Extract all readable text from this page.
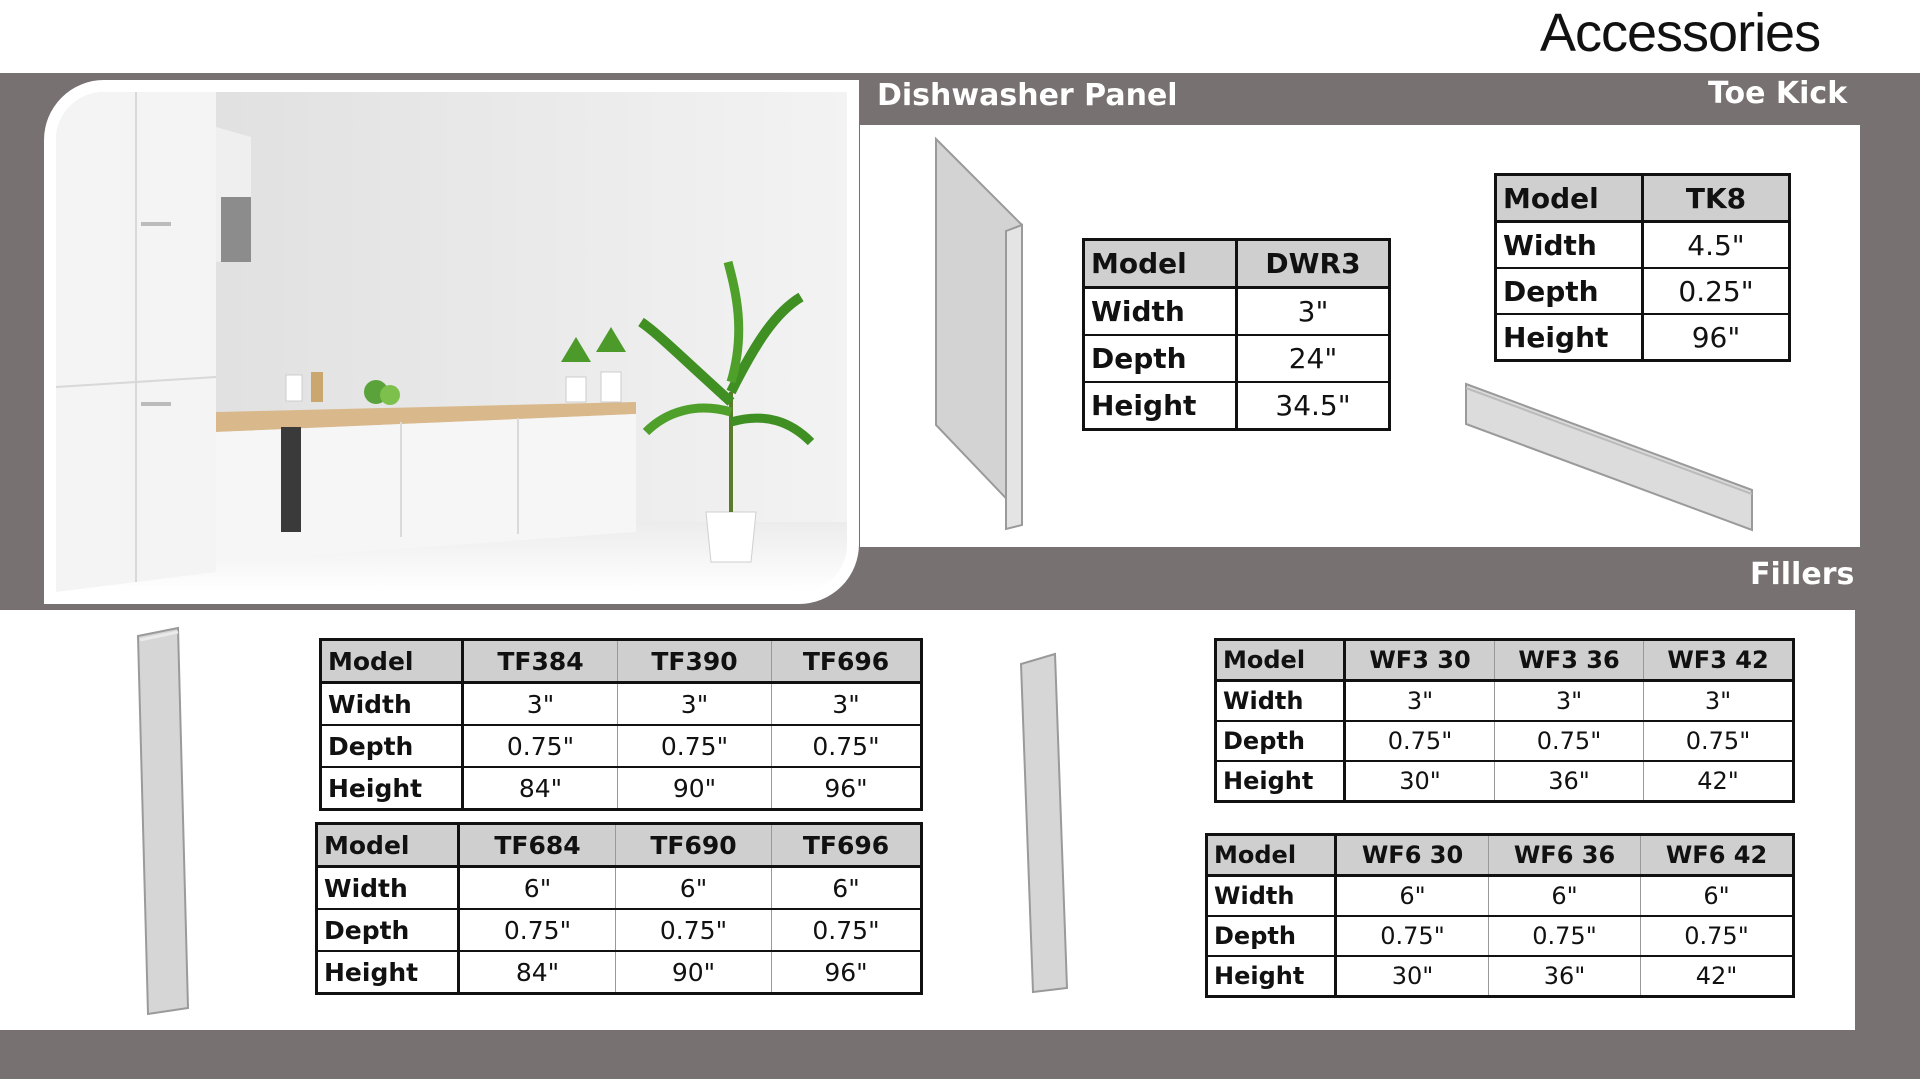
Accessories
Dishwasher Panel	Toe Kick
Fillers
Model	DWR3
Width	3"
Depth	24"
Height	34.5"
Model	TK8
Width	4.5"
Depth	0.25"
Height	96"
Model	TF384	TF390	TF696
Width	3"	3"	3"
Depth	0.75"	0.75"	0.75"
Height	84"	90"	96"
Model	TF684	TF690	TF696
Width	6"	6"	6"
Depth	0.75"	0.75"	0.75"
Height	84"	90"	96"
Model	WF3 30	WF3 36	WF3 42
Width	3"	3"	3"
Depth	0.75"	0.75"	0.75"
Height	30"	36"	42"
Model	WF6 30	WF6 36	WF6 42
Width	6"	6"	6"
Depth	0.75"	0.75"	0.75"
Height	30"	36"	42"
